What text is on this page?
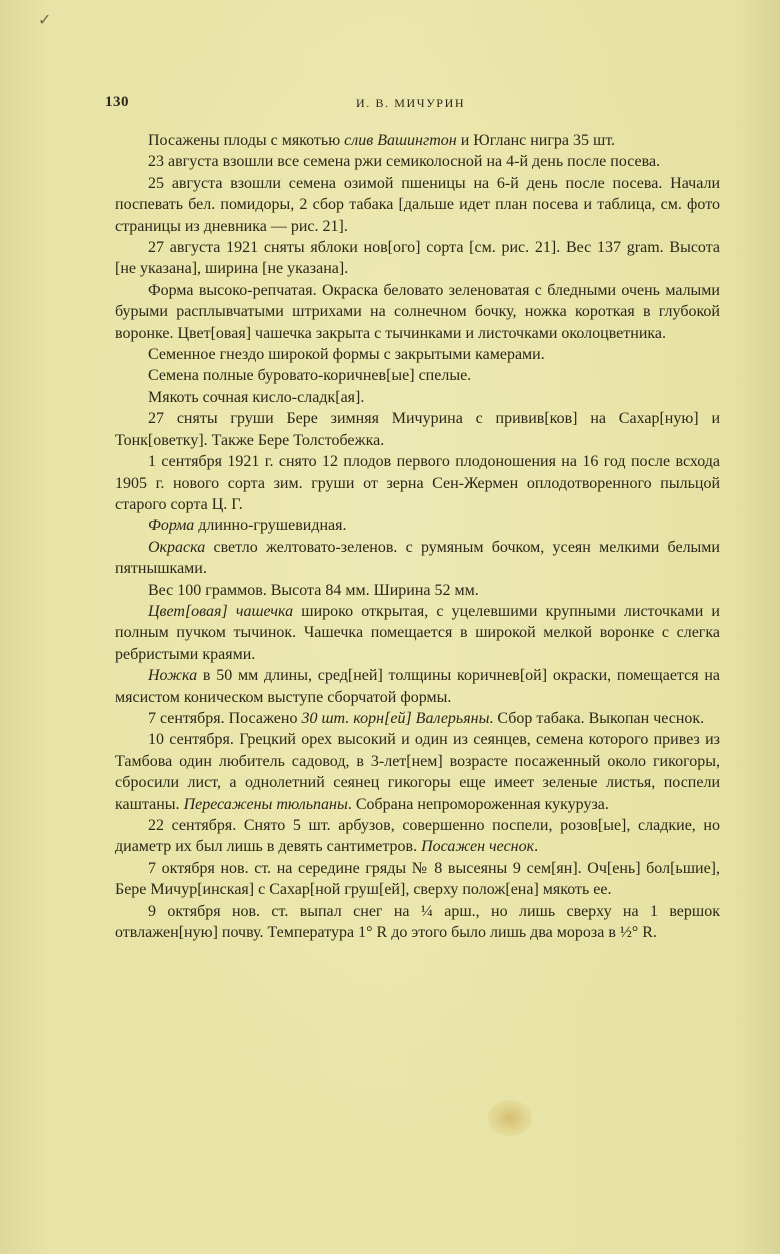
✓
130	И. В. МИЧУРИН

Посажены плоды с мякотью слив Вашингтон и Югланс нигра 35 шт.

23 августа взошли все семена ржи семиколосной на 4-й день после посева.

25 августа взошли семена озимой пшеницы на 6-й день после посева. Начали поспевать бел. помидоры, 2 сбор табака [дальше идет план посева и таблица, см. фото страницы из дневника — рис. 21].

27 августа 1921 сняты яблоки нов[ого] сорта [см. рис. 21]. Вес 137 gram. Высота [не указана], ширина [не указана].

Форма высоко-репчатая. Окраска беловато зеленоватая с бледными очень малыми бурыми расплывчатыми штрихами на солнечном бочку, ножка короткая в глубокой воронке. Цвет[овая] чашечка закрыта с тычинками и листочками околоцветника.

Семенное гнездо широкой формы с закрытыми камерами.

Семена полные буровато-коричнев[ые] спелые.

Мякоть сочная кисло-сладк[ая].

27 сняты груши Бере зимняя Мичурина с привив[ков] на Сахар[ную] и Тонк[оветку]. Также Бере Толстобежка.

1 сентября 1921 г. снято 12 плодов первого плодоношения на 16 год после всхода 1905 г. нового сорта зим. груши от зерна Сен-Жермен оплодотворенного пыльцой старого сорта Ц. Г.

Форма длинно-грушевидная.

Окраска светло желтовато-зеленов. с румяным бочком, усеян мелкими белыми пятнышками.

Вес 100 граммов. Высота 84 мм. Ширина 52 мм.

Цвет[овая] чашечка широко открытая, с уцелевшими крупными листочками и полным пучком тычинок. Чашечка помещается в широкой мелкой воронке с слегка ребристыми краями.

Ножка в 50 мм длины, сред[ней] толщины коричнев[ой] окраски, помещается на мясистом коническом выступе сборчатой формы.

7 сентября. Посажено 30 шт. корн[ей] Валерьяны. Сбор табака. Выкопан чеснок.

10 сентября. Грецкий орех высокий и один из сеянцев, семена которого привез из Тамбова один любитель садовод, в 3-лет[нем] возрасте посаженный около гикогоры, сбросили лист, а однолетний сеянец гикогоры еще имеет зеленые листья, поспели каштаны. Пересажены тюльпаны. Собрана непромороженная кукуруза.

22 сентября. Снято 5 шт. арбузов, совершенно поспели, розов[ые], сладкие, но диаметр их был лишь в девять сантиметров. Посажен чеснок.

7 октября нов. ст. на середине гряды № 8 высеяны 9 сем[ян]. Оч[ень] бол[ьшие], Бере Мичур[инская] с Сахар[ной груш[ей], сверху полож[ена] мякоть ее.

9 октября нов. ст. выпал снег на ¼ арш., но лишь сверху на 1 вершок отвлажен[ную] почву. Температура 1° R до этого было лишь два мороза в ½° R.
